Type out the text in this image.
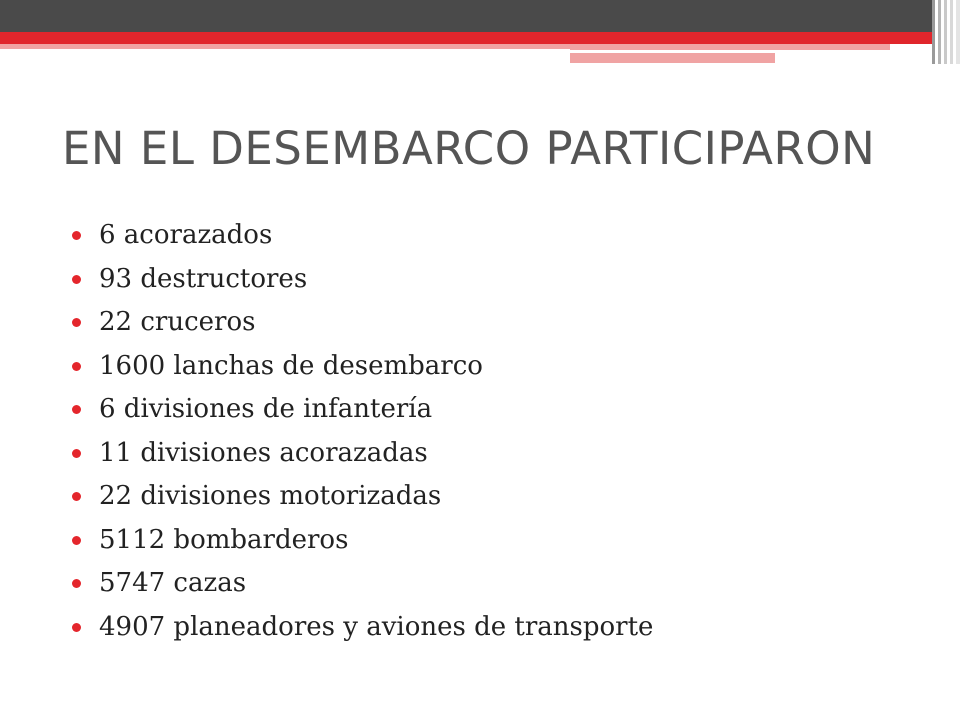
EN EL DESEMBARCO PARTICIPARON
6 acorazados
93 destructores
22 cruceros
1600 lanchas de desembarco
6 divisiones de infantería
11 divisiones acorazadas
22 divisiones motorizadas
5112 bombarderos
5747 cazas
4907 planeadores y aviones de transporte
